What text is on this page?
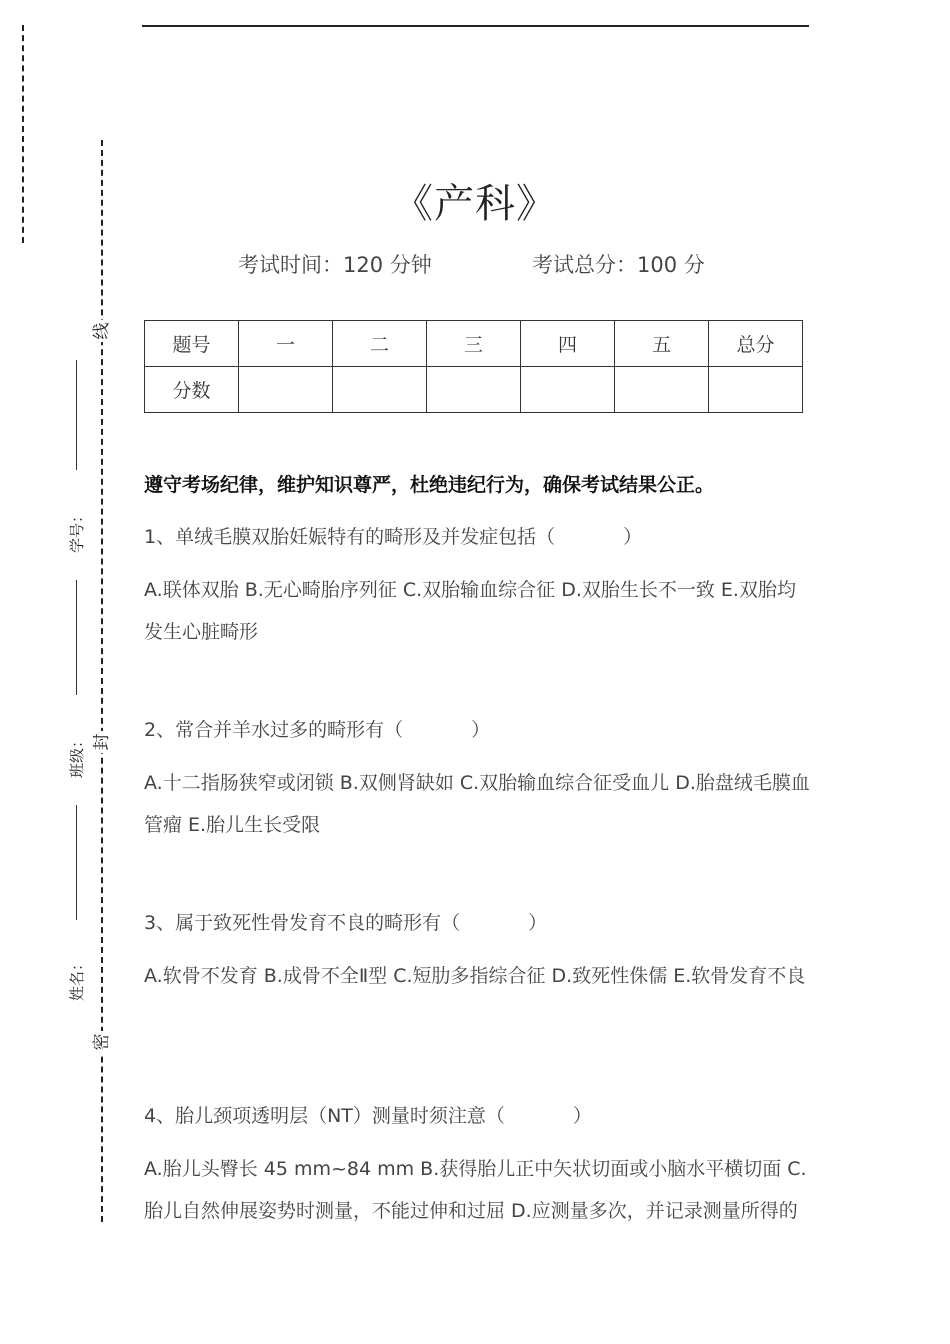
线
封
密
学号：
班级：
姓名：
《产科》
考试时间：120 分钟	考试总分：100 分
题号	一	二	三	四	五	总分
分数						
遵守考场纪律，维护知识尊严，杜绝违纪行为，确保考试结果公正。
1、单绒毛膜双胎妊娠特有的畸形及并发症包括（	）
A.联体双胎 B.无心畸胎序列征 C.双胎输血综合征 D.双胎生长不一致 E.双胎均发生心脏畸形
2、常合并羊水过多的畸形有（	）
A.十二指肠狭窄或闭锁 B.双侧肾缺如 C.双胎输血综合征受血儿 D.胎盘绒毛膜血管瘤 E.胎儿生长受限
3、属于致死性骨发育不良的畸形有（	）
A.软骨不发育 B.成骨不全Ⅱ型 C.短肋多指综合征 D.致死性侏儒 E.软骨发育不良
4、胎儿颈项透明层（NT）测量时须注意（	）
A.胎儿头臀长 45 mm~84 mm B.获得胎儿正中矢状切面或小脑水平横切面 C.胎儿自然伸展姿势时测量，不能过伸和过屈 D.应测量多次，并记录测量所得的
